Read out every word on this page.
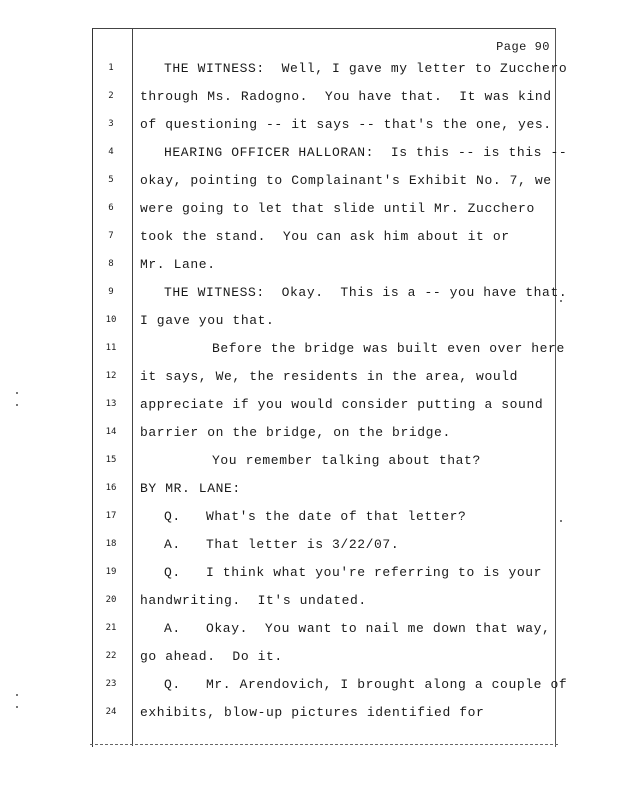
Page 90
1	THE WITNESS:  Well, I gave my letter to Zucchero
2	through Ms. Radogno.  You have that.  It was kind
3	of questioning -- it says -- that's the one, yes.
4	HEARING OFFICER HALLORAN:  Is this -- is this --
5	okay, pointing to Complainant's Exhibit No. 7, we
6	were going to let that slide until Mr. Zucchero
7	took the stand.  You can ask him about it or
8	Mr. Lane.
9	THE WITNESS:  Okay.  This is a -- you have that.
10	I gave you that.
11	Before the bridge was built even over here
12	it says, We, the residents in the area, would
13	appreciate if you would consider putting a sound
14	barrier on the bridge, on the bridge.
15	You remember talking about that?
16	BY MR. LANE:
17	Q.   What's the date of that letter?
18	A.   That letter is 3/22/07.
19	Q.   I think what you're referring to is your
20	handwriting.  It's undated.
21	A.   Okay.  You want to nail me down that way,
22	go ahead.  Do it.
23	Q.   Mr. Arendovich, I brought along a couple of
24	exhibits, blow-up pictures identified for
